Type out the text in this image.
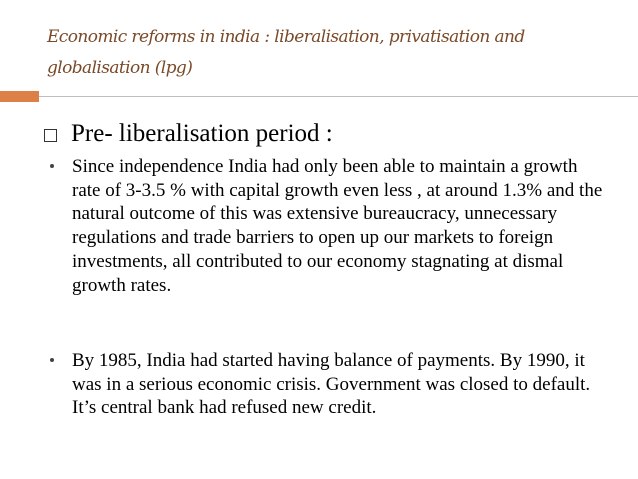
Economic reforms in india : liberalisation, privatisation and globalisation (lpg)
Pre- liberalisation period :
Since independence India had only been able to maintain a growth rate of 3-3.5 % with capital growth even less , at around 1.3% and the natural outcome of this was extensive bureaucracy, unnecessary regulations and trade barriers to open up our markets to foreign investments, all contributed to our economy stagnating at dismal growth rates.
By 1985, India had started having balance of payments. By 1990, it was in a serious economic crisis. Government was closed to default. It’s central bank had refused new credit.
